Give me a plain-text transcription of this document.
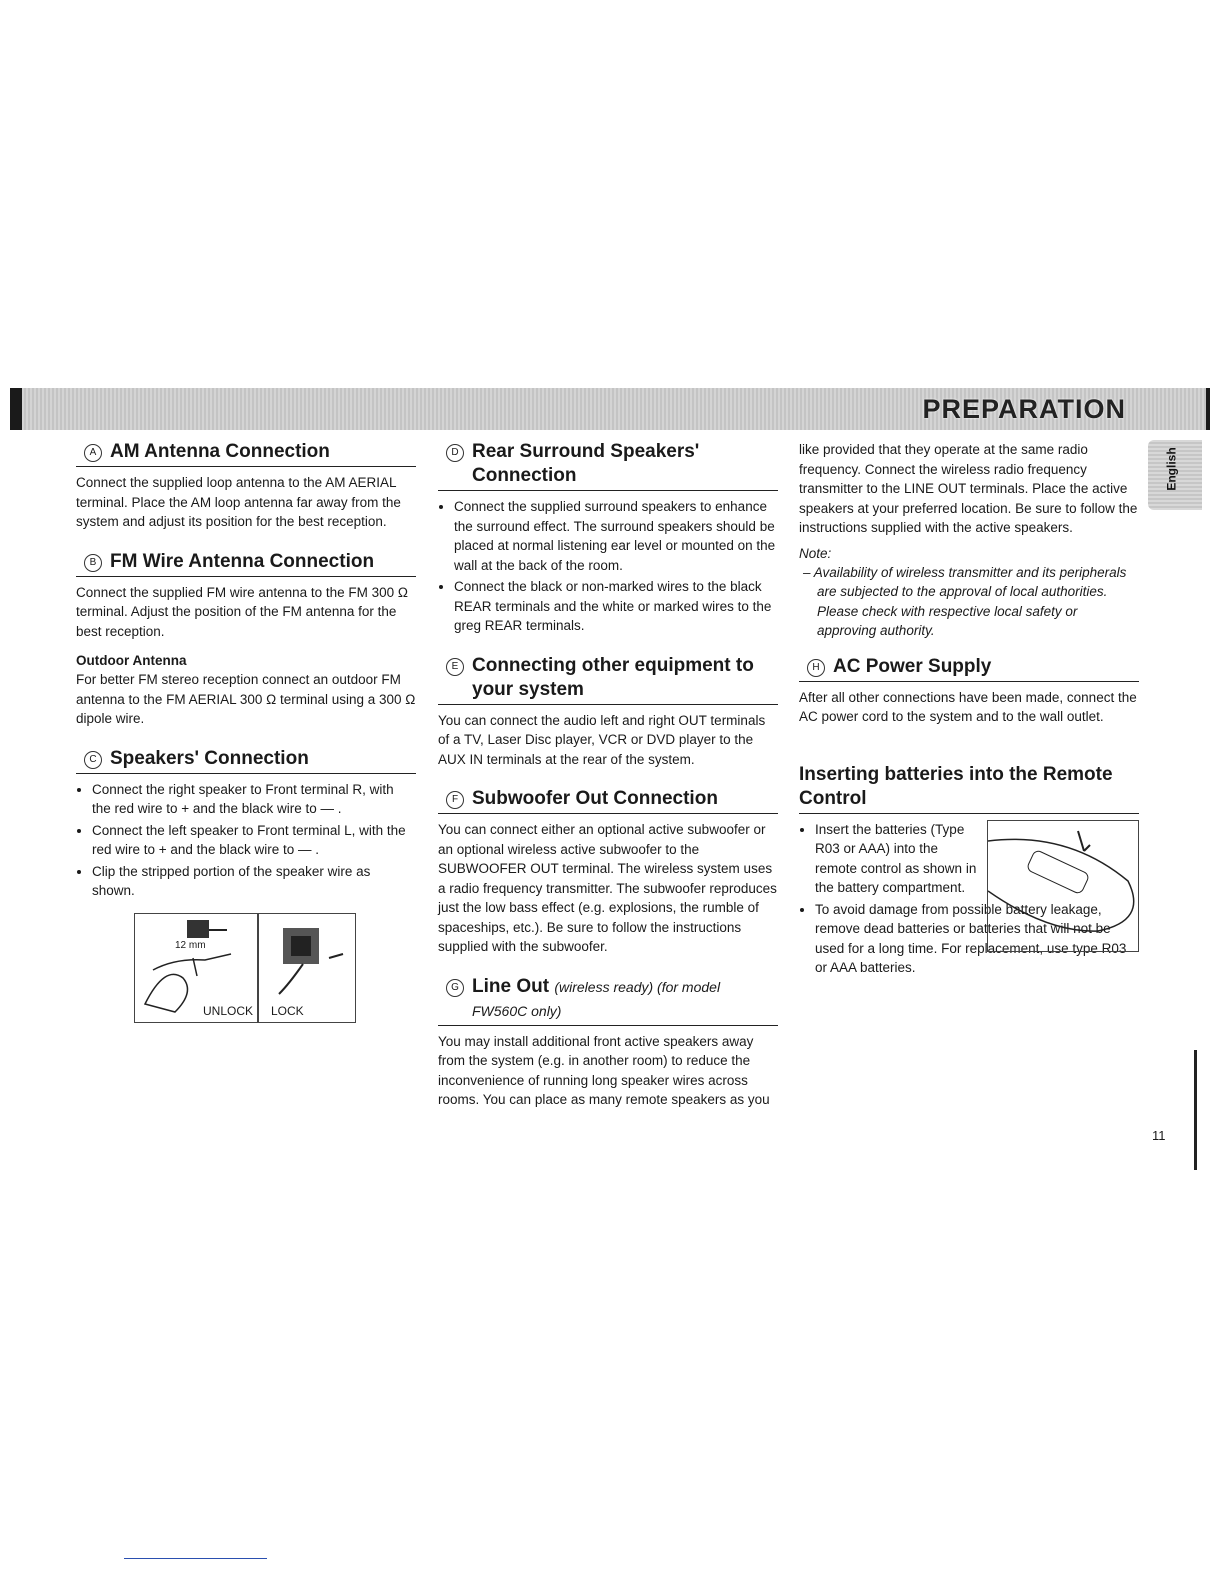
PREPARATION
English
A AM Antenna Connection

Connect the supplied loop antenna to the AM AERIAL terminal. Place the AM loop antenna far away from the system and adjust its position for the best reception.

B FM Wire Antenna Connection

Connect the supplied FM wire antenna to the FM 300 Ω terminal. Adjust the position of the FM antenna for the best reception.

Outdoor Antenna

For better FM stereo reception connect an outdoor FM antenna to the FM AERIAL 300 Ω terminal using a 300 Ω dipole wire.

C Speakers' Connection
• Connect the right speaker to Front terminal R, with the red wire to + and the black wire to — .
• Connect the left speaker to Front terminal L, with the red wire to + and the black wire to — .
• Clip the stripped portion of the speaker wire as shown.
12 mm
UNLOCK LOCK
D Rear Surround Speakers' Connection
• Connect the supplied surround speakers to enhance the surround effect. The surround speakers should be placed at normal listening ear level or mounted on the wall at the back of the room.
• Connect the black or non-marked wires to the black REAR terminals and the white or marked wires to the greg REAR terminals.
E Connecting other equipment to your system

You can connect the audio left and right OUT terminals of a TV, Laser Disc player, VCR or DVD player to the AUX IN terminals at the rear of the system.

F Subwoofer Out Connection

You can connect either an optional active subwoofer or an optional wireless active subwoofer to the SUBWOOFER OUT terminal. The wireless system uses a radio frequency transmitter. The subwoofer reproduces just the low bass effect (e.g. explosions, the rumble of spaceships, etc.). Be sure to follow the instructions supplied with the subwoofer.

G Line Out (wireless ready) (for model FW560C only)

You may install additional front active speakers away from the system (e.g. in another room) to reduce the inconvenience of running long speaker wires across rooms. You can place as many remote speakers as you

like provided that they operate at the same radio frequency. Connect the wireless radio frequency transmitter to the LINE OUT terminals. Place the active speakers at your preferred location. Be sure to follow the instructions supplied with the active speakers.

Note:
– Availability of wireless transmitter and its peripherals are subjected to the approval of local authorities. Please check with respective local safety or approving authority.
H AC Power Supply

After all other connections have been made, connect the AC power cord to the system and to the wall outlet.

Inserting batteries into the Remote Control
• Insert the batteries (Type R03 or AAA) into the remote control as shown in the battery compartment.
• To avoid damage from possible battery leakage, remove dead batteries or batteries that will not be used for a long time. For replacement, use type R03 or AAA batteries.
11
